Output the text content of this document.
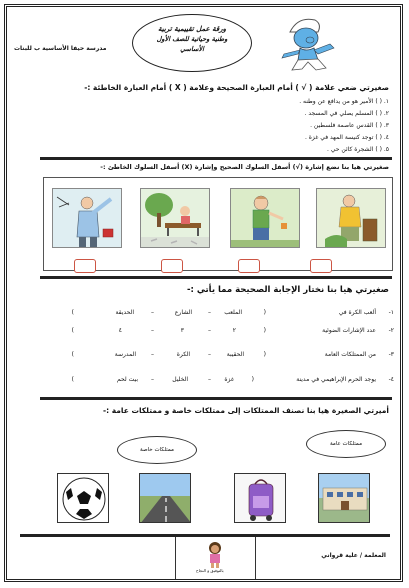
ورقة عمل تقييمية تربية
وطنية وحياتية للصف الأول
الأساسي
مدرسة حيفا الأساسية ب للبنات
صغيرتي ضعي علامة ( √ ) أمام العبارة الصحيحة وعلامة ( X ) أمام العبارة الخاطئة :-
١. ( ) الأمير هو من يدافع عن وطنه .
٢. ( ) المسلم يصلي في المسجد .
٣. ( ) القدس عاصمة فلسطين .
٤. ( ) توجد كنيسة المهد في غزة .
٥. ( ) الشجرة كائن حي .
صغيرتي هيا بنا نضع إشارة (√) أسفل السلوك الصحيح وإشارة (X) أسفل السلوك الخاطئ :-
صغيرتي هيا بنا نختار الإجابة الصحيحة مما يأتي :-
١-
ألعب الكرة في
(
الملعب
–
الشارع
–
الحديقة
)
٢-
عدد الإشارات الضوئية
(
٢
–
٣
–
٤
)
٣-
من الممتلكات العامة
(
الحقيبة
–
الكرة
–
المدرسة
)
٤-
يوجد الحرم الإبراهيمي في مدينة
(
غزة
–
الخليل
–
بيت لحم
)
أميرتي الصغيرة هيا بنا نصنف الممتلكات إلى ممتلكات خاصة و ممتلكات عامة :-
ممتلكات عامة
ممتلكات خاصة
بالتوفيق و النجاح
المعلمة / علية قرواني
